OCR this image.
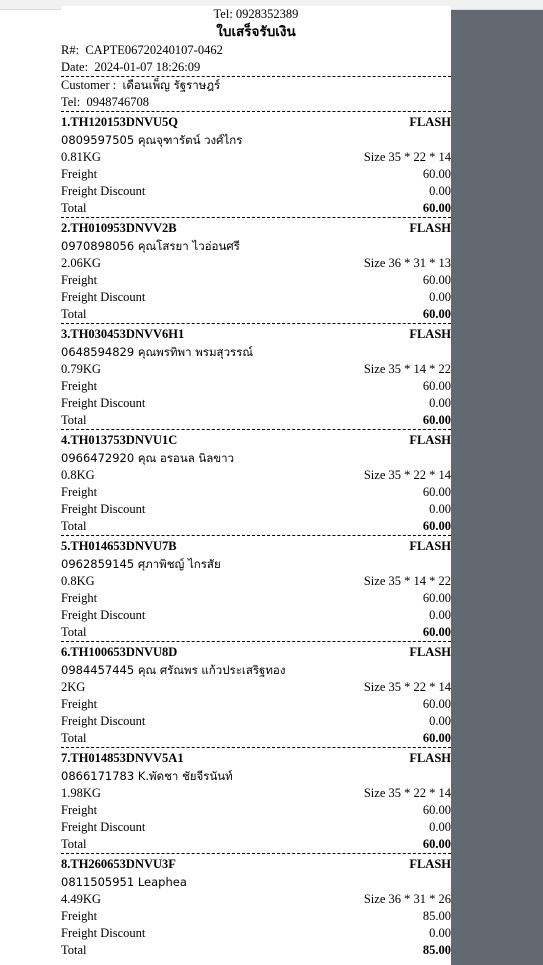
Tel: 0928352389
ใบเสร็จรับเงิน
R#: CAPTE06720240107-0462
Date: 2024-01-07 18:26:09
Customer : เดือนเพ็ญ รัฐราษฎร์
Tel: 0948746708
1.TH120153DNVU5Q	FLASH
0809597505 คุณจุฑารัตน์ วงศ์ไกร
0.81KG	Size 35 * 22 * 14
Freight	60.00
Freight Discount	0.00
Total	60.00
2.TH010953DNVV2B	FLASH
0970898056 คุณโสรยา ไวอ่อนศรี
2.06KG	Size 36 * 31 * 13
Freight	60.00
Freight Discount	0.00
Total	60.00
3.TH030453DNVV6H1	FLASH
0648594829 คุณพรทิพา พรมสุวรรณ์
0.79KG	Size 35 * 14 * 22
Freight	60.00
Freight Discount	0.00
Total	60.00
4.TH013753DNVU1C	FLASH
0966472920 คุณ อรอนล นิลขาว
0.8KG	Size 35 * 22 * 14
Freight	60.00
Freight Discount	0.00
Total	60.00
5.TH014653DNVU7B	FLASH
0962859145 ศุภาพิชญ์ ไกรสัย
0.8KG	Size 35 * 14 * 22
Freight	60.00
Freight Discount	0.00
Total	60.00
6.TH100653DNVU8D	FLASH
0984457445 คุณ ศรัณพร แก้วประเสริฐทอง
2KG	Size 35 * 22 * 14
Freight	60.00
Freight Discount	0.00
Total	60.00
7.TH014853DNVV5A1	FLASH
0866171783 K.พัดชา ชัยจีรนันท์
1.98KG	Size 35 * 22 * 14
Freight	60.00
Freight Discount	0.00
Total	60.00
8.TH260653DNVU3F	FLASH
0811505951 Leaphea
4.49KG	Size 36 * 31 * 26
Freight	85.00
Freight Discount	0.00
Total	85.00
